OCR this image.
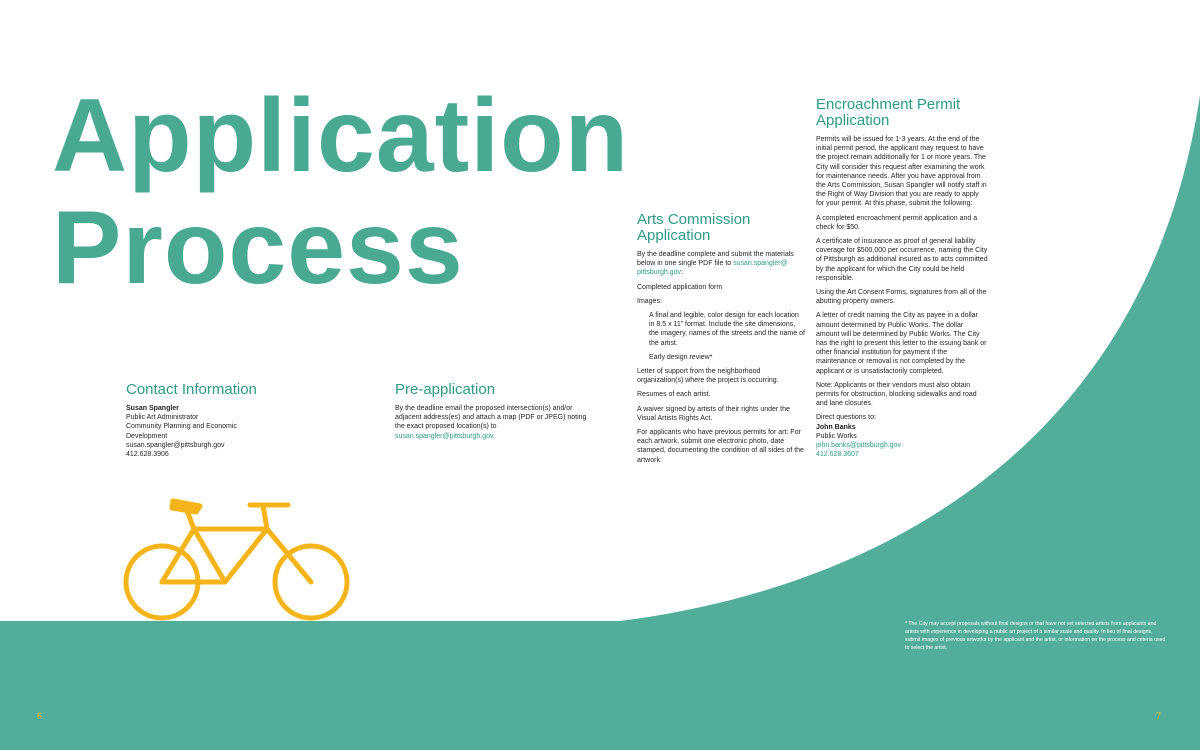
Application
Process
Contact Information
Susan Spangler
Public Art Administrator
Community Planning and Economic
Development
susan.spangler@pittsburgh.gov
412.628.3906
Pre-application

By the deadline email the proposed intersection(s) and/or adjacent address(es) and attach a map (PDF or JPEG) noting the exact proposed location(s) to susan.spangler@pittsburgh.gov.

Arts Commission
Application

By the deadline complete and submit the materials below in one single PDF file to susan.spangler@ pittsburgh.gov:

Completed application form

Images:

A final and legible, color design for each location in 8.5 x 11” format. Include the site dimensions, the imagery, names of the streets and the name of the artist.

Early design review*

Letter of support from the neighborhood organization(s) where the project is occurring.

Resumes of each artist.

A waiver signed by artists of their rights under the Visual Artists Rights Act.

For applicants who have previous permits for art: For each artwork, submit one electronic photo, date stamped, documenting the condition of all sides of the artwork.

Encroachment Permit
Application

Permits will be issued for 1-3 years. At the end of the initial permit period, the applicant may request to have the project remain additionally for 1 or more years. The City will consider this request after examining the work for maintenance needs. After you have approval from the Arts Commission, Susan Spangler will notify staff in the Right of Way Division that you are ready to apply for your permit. At this phase, submit the following:

A completed encroachment permit application and a check for $50.

A certificate of insurance as proof of general liability coverage for $500,000 per occurrence, naming the City of Pittsburgh as additional insured as to acts committed by the applicant for which the City could be held responsible.

Using the Art Consent Forms, signatures from all of the abutting property owners.

A letter of credit naming the City as payee in a dollar amount determined by Public Works. The dollar amount will be determined by Public Works. The City has the right to present this letter to the issuing bank or other financial institution for payment if the maintenance or removal is not completed by the applicant or is unsatisfactorily completed.

Note: Applicants or their vendors must also obtain permits for obstruction, blocking sidewalks and road and lane closures.

Direct questions to:
John Banks
Public Works
john.banks@pittsburgh.gov
412.628.3607

* The City may accept proposals without final designs or that have not yet selected artists from applicants and artists with experience in developing a public art project of a similar scale and quality. In lieu of final designs, submit images of previous artworks by the applicant and the artist, or information on the process and criteria used to select the artist.

6	7
